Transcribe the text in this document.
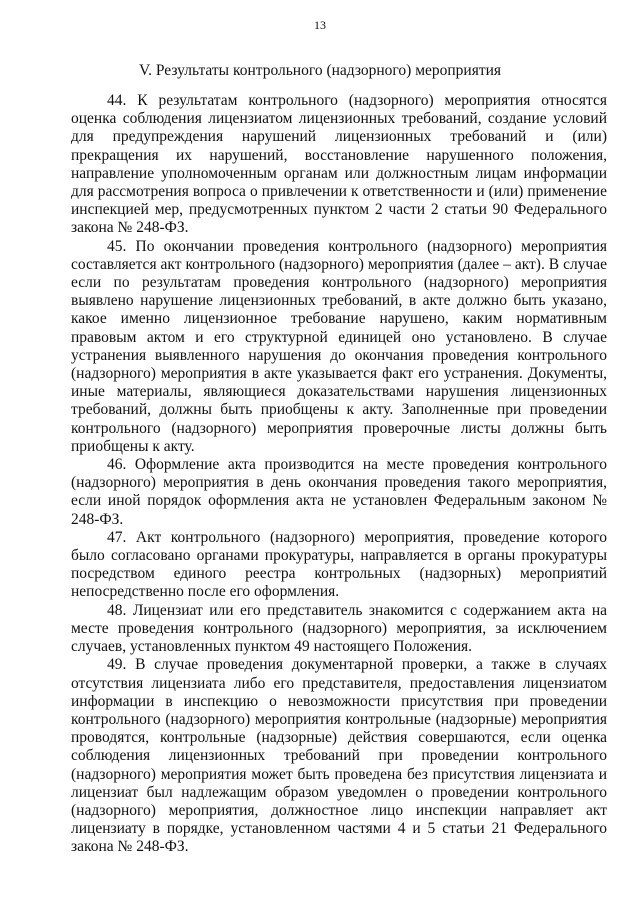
13
V. Результаты контрольного (надзорного) мероприятия

44. К результатам контрольного (надзорного) мероприятия относятся оценка соблюдения лицензиатом лицензионных требований, создание условий для предупреждения нарушений лицензионных требований и (или) прекращения их нарушений, восстановление нарушенного положения, направление уполномоченным органам или должностным лицам информации для рассмотрения вопроса о привлечении к ответственности и (или) применение инспекцией мер, предусмотренных пунктом 2 части 2 статьи 90 Федерального закона № 248-ФЗ.

45. По окончании проведения контрольного (надзорного) мероприятия составляется акт контрольного (надзорного) мероприятия (далее – акт). В случае если по результатам проведения контрольного (надзорного) мероприятия выявлено нарушение лицензионных требований, в акте должно быть указано, какое именно лицензионное требование нарушено, каким нормативным правовым актом и его структурной единицей оно установлено. В случае устранения выявленного нарушения до окончания проведения контрольного (надзорного) мероприятия в акте указывается факт его устранения. Документы, иные материалы, являющиеся доказательствами нарушения лицензионных требований, должны быть приобщены к акту. Заполненные при проведении контрольного (надзорного) мероприятия проверочные листы должны быть приобщены к акту.

46. Оформление акта производится на месте проведения контрольного (надзорного) мероприятия в день окончания проведения такого мероприятия, если иной порядок оформления акта не установлен Федеральным законом № 248-ФЗ.

47. Акт контрольного (надзорного) мероприятия, проведение которого было согласовано органами прокуратуры, направляется в органы прокуратуры посредством единого реестра контрольных (надзорных) мероприятий непосредственно после его оформления.

48. Лицензиат или его представитель знакомится с содержанием акта на месте проведения контрольного (надзорного) мероприятия, за исключением случаев, установленных пунктом 49 настоящего Положения.

49. В случае проведения документарной проверки, а также в случаях отсутствия лицензиата либо его представителя, предоставления лицензиатом информации в инспекцию о невозможности присутствия при проведении контрольного (надзорного) мероприятия контрольные (надзорные) мероприятия проводятся, контрольные (надзорные) действия совершаются, если оценка соблюдения лицензионных требований при проведении контрольного (надзорного) мероприятия может быть проведена без присутствия лицензиата и лицензиат был надлежащим образом уведомлен о проведении контрольного (надзорного) мероприятия, должностное лицо инспекции направляет акт лицензиату в порядке, установленном частями 4 и 5 статьи 21 Федерального закона № 248-ФЗ.
